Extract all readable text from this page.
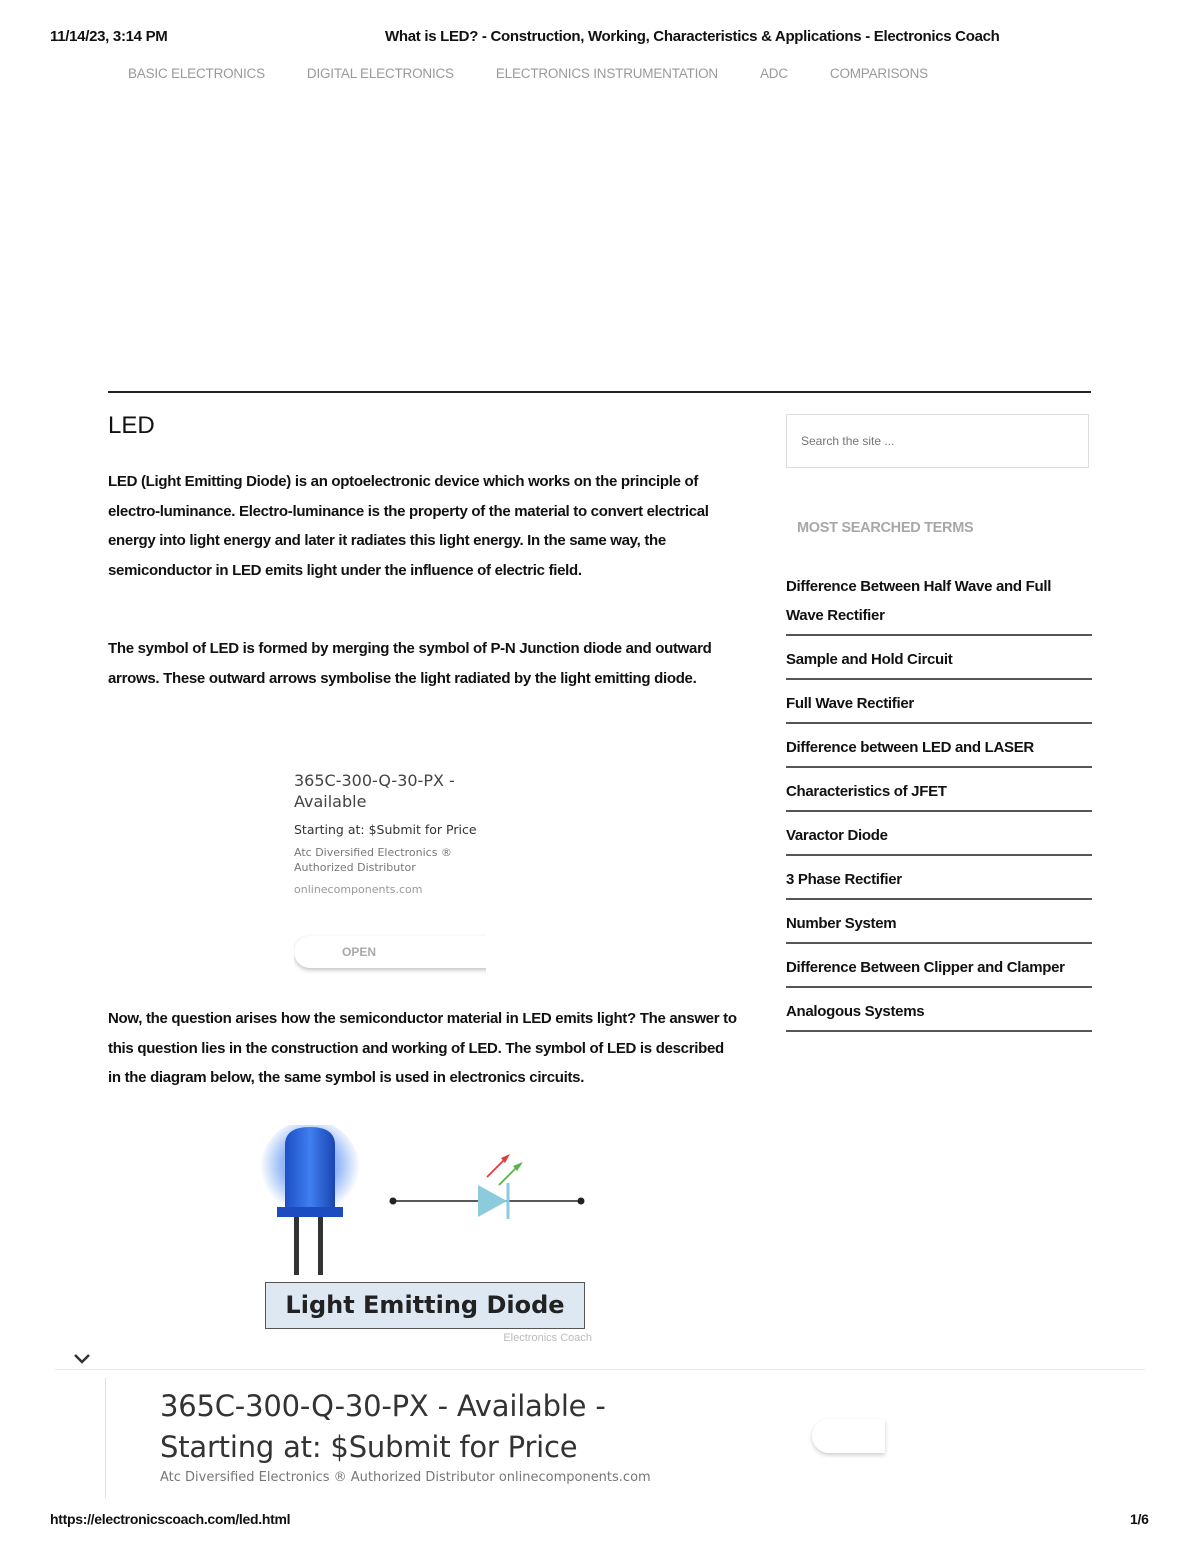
11/14/23, 3:14 PM	What is LED? - Construction, Working, Characteristics & Applications - Electronics Coach
BASIC ELECTRONICS	DIGITAL ELECTRONICS	ELECTRONICS INSTRUMENTATION	ADC	COMPARISONS
LED

LED (Light Emitting Diode) is an optoelectronic device which works on the principle of electro-luminance. Electro-luminance is the property of the material to convert electrical energy into light energy and later it radiates this light energy. In the same way, the semiconductor in LED emits light under the influence of electric field.

The symbol of LED is formed by merging the symbol of P-N Junction diode and outward arrows. These outward arrows symbolise the light radiated by the light emitting diode.

365C-300-Q-30-PX - Available
Starting at: $Submit for Price
Atc Diversified Electronics ® Authorized Distributor
onlinecomponents.com
OPEN

Now, the question arises how the semiconductor material in LED emits light? The answer to this question lies in the construction and working of LED. The symbol of LED is described in the diagram below, the same symbol is used in electronics circuits.

Light Emitting Diode
Electronics Coach
Search the site ...
MOST SEARCHED TERMS
Difference Between Half Wave and Full Wave Rectifier
Sample and Hold Circuit
Full Wave Rectifier
Difference between LED and LASER
Characteristics of JFET
Varactor Diode
3 Phase Rectifier
Number System
Difference Between Clipper and Clamper
Analogous Systems
365C-300-Q-30-PX - Available -
Starting at: $Submit for Price
Atc Diversified Electronics ® Authorized Distributor onlinecomponents.com
https://electronicscoach.com/led.html	1/6
